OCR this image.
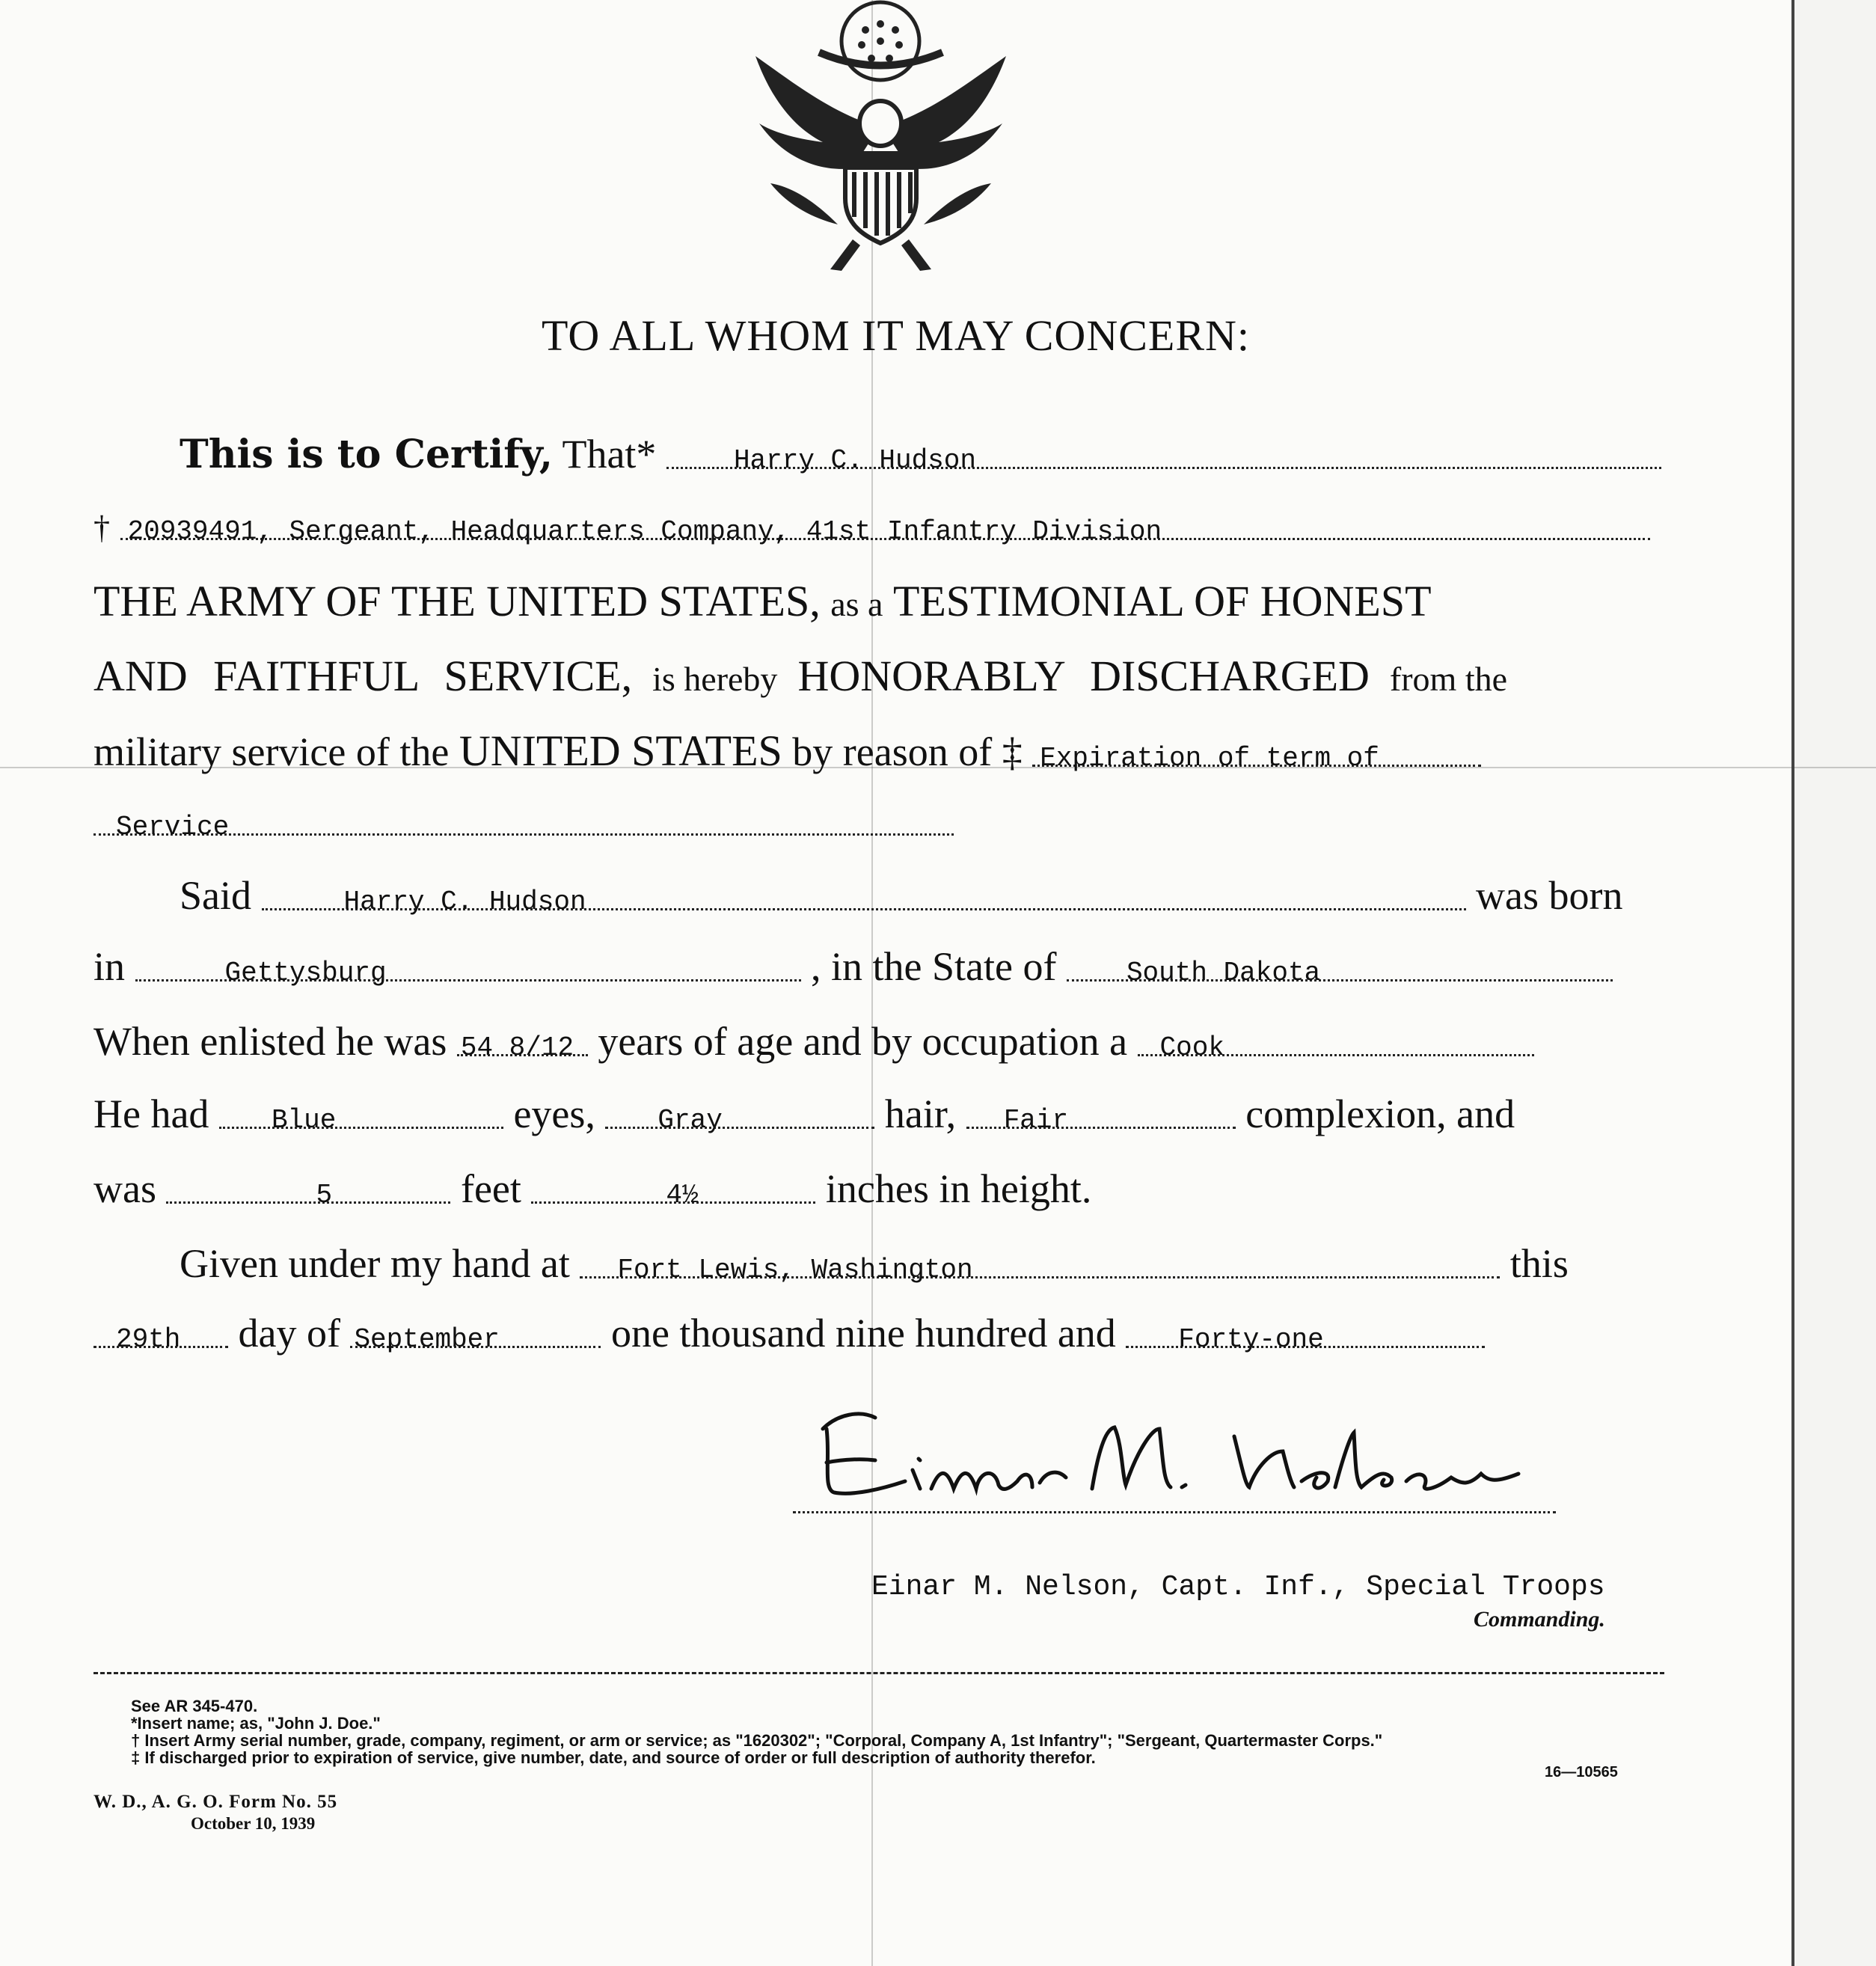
TO ALL WHOM IT MAY CONCERN:
This is to Certify, That*	Harry C. Hudson
† 20939491, Sergeant, Headquarters Company, 41st Infantry Division
THE ARMY OF THE UNITED STATES, as a TESTIMONIAL OF HONEST
AND FAITHFUL SERVICE, is hereby HONORABLY DISCHARGED from the
military service of the UNITED STATES by reason of ‡ Expiration of term of
Service
Said	Harry C. Hudson	was born
in	Gettysburg	, in the State of	South Dakota
When enlisted he was 54 8/12 years of age and by occupation a Cook
He had Blue	eyes, Gray	hair, Fair	complexion, and
was	5	feet	4½	inches in height.
Given under my hand at Fort Lewis, Washington	this
29th day of September	one thousand nine hundred and Forty-one
Einar M. Nelson, Capt. Inf., Special Troops
Commanding.
See AR 345-470.
*Insert name; as, "John J. Doe."
† Insert Army serial number, grade, company, regiment, or arm or service; as "1620302"; "Corporal, Company A, 1st Infantry"; "Sergeant, Quartermaster Corps."
‡ If discharged prior to expiration of service, give number, date, and source of order or full description of authority therefor.
16—10565
W. D., A. G. O. Form No. 55
October 10, 1939
